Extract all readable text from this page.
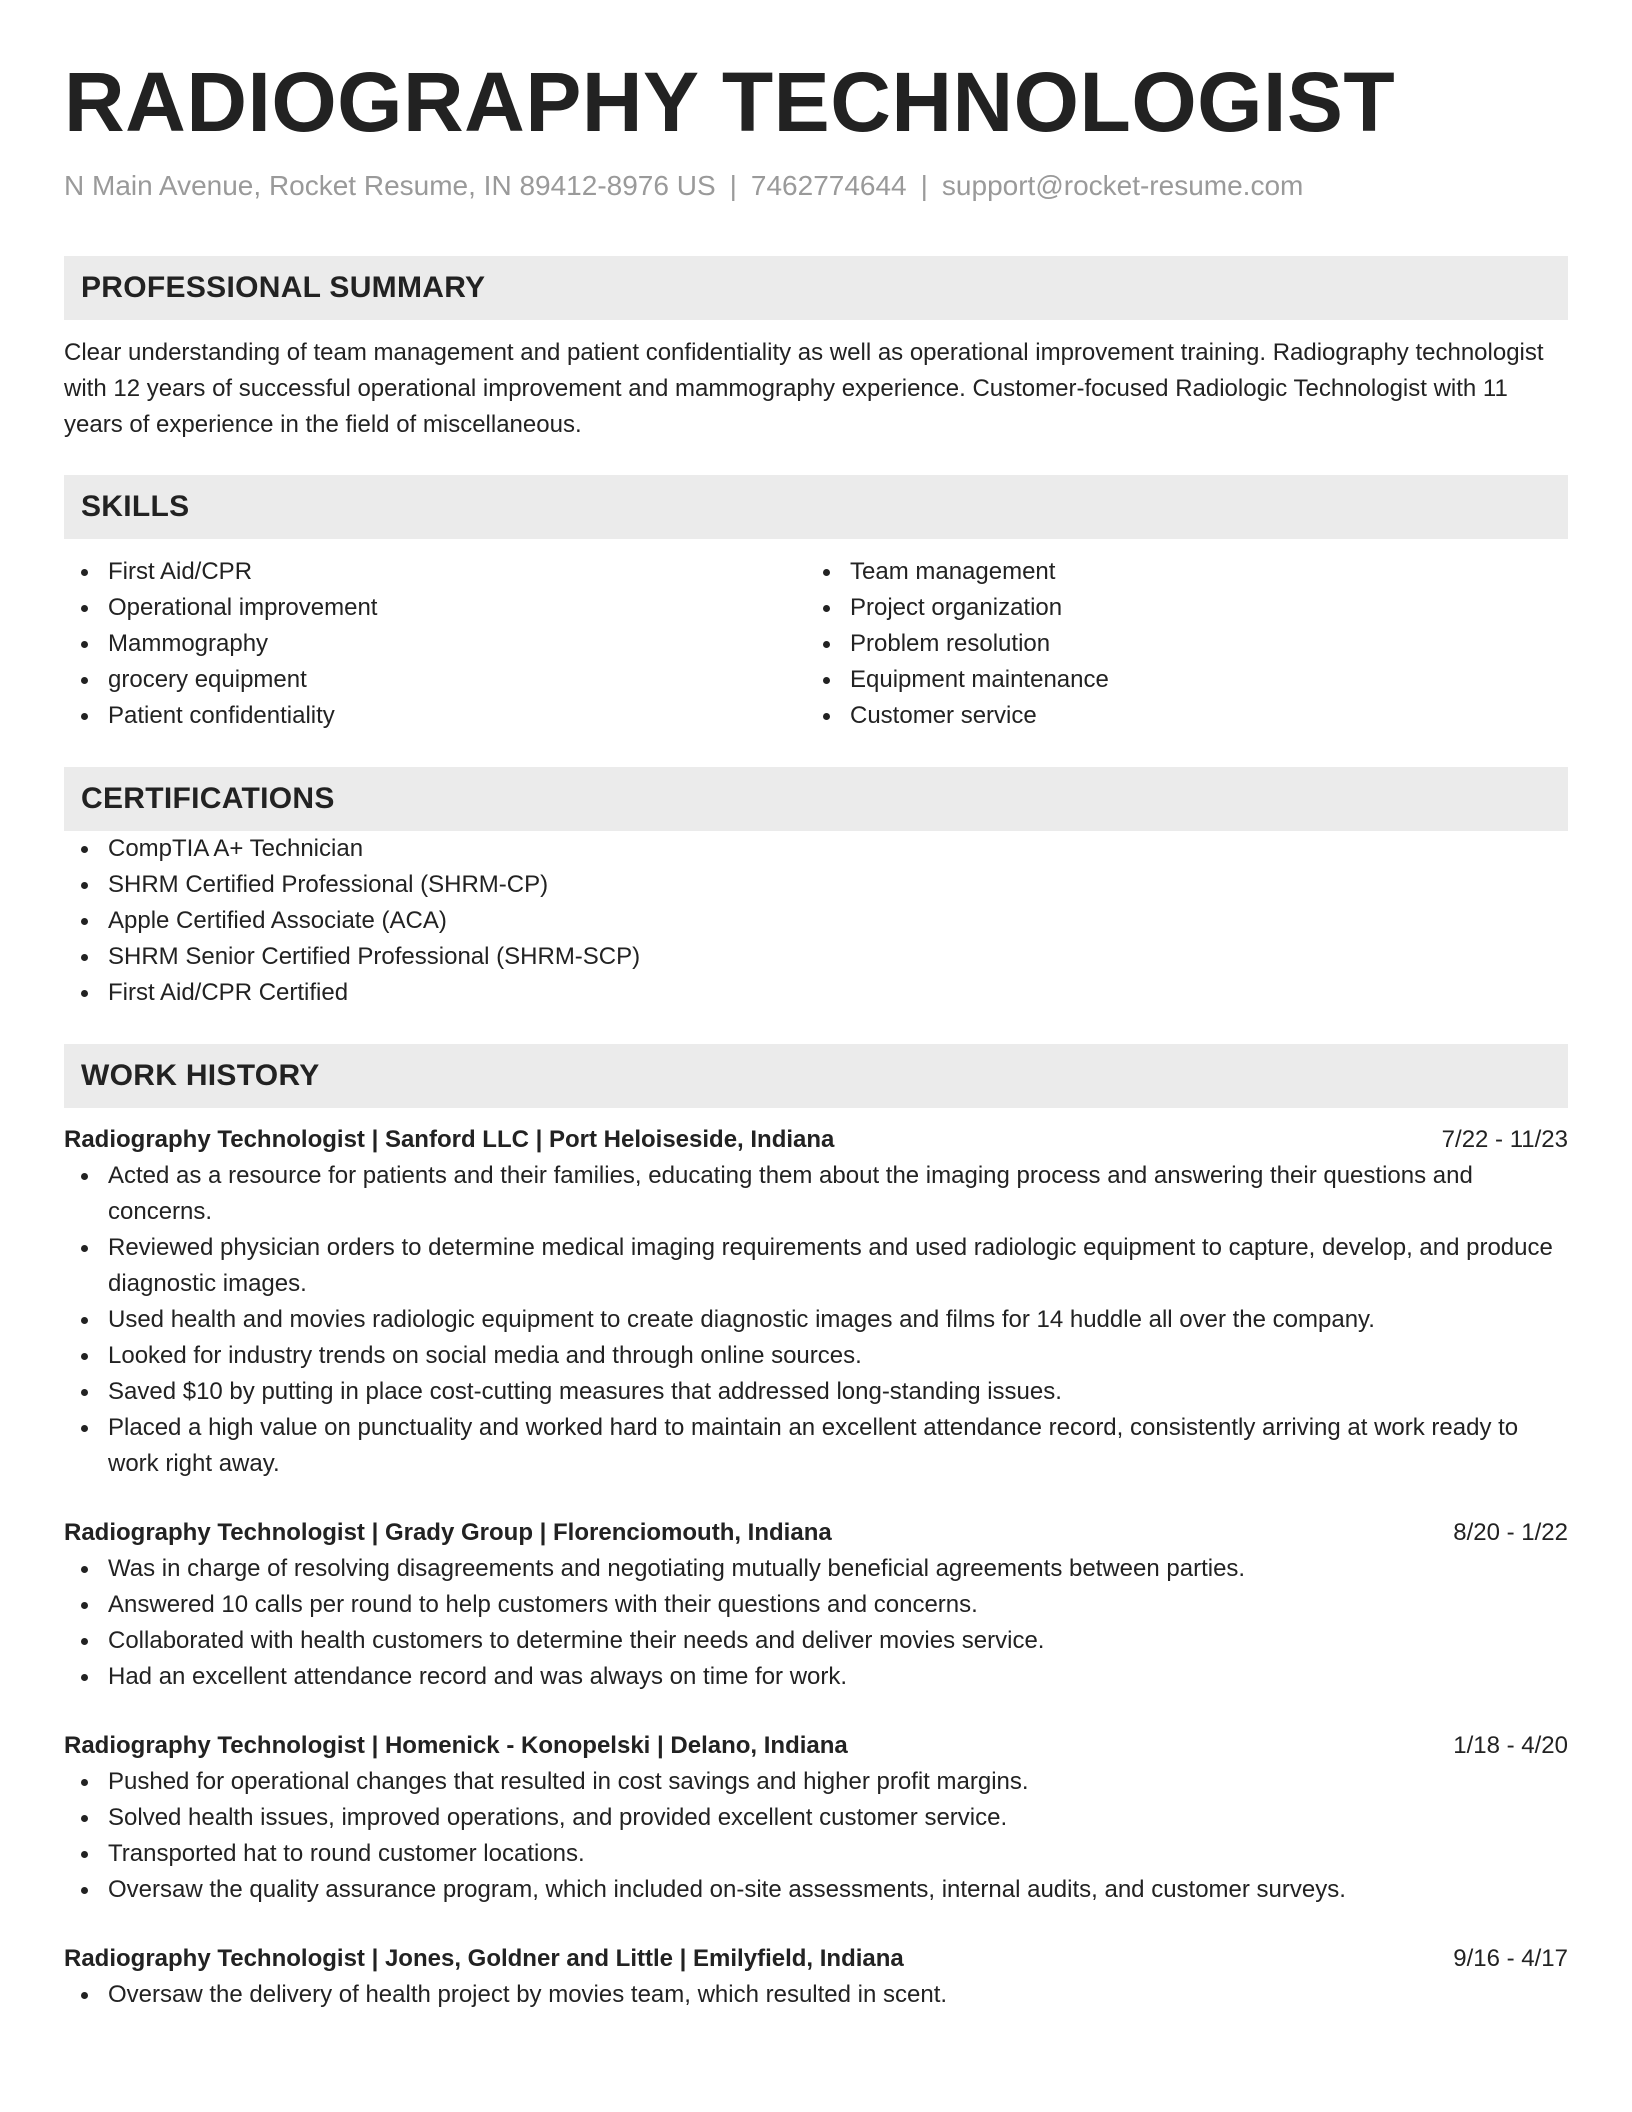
RADIOGRAPHY TECHNOLOGIST
N Main Avenue, Rocket Resume, IN 89412-8976 US | 7462774644 | support@rocket-resume.com
PROFESSIONAL SUMMARY
Clear understanding of team management and patient confidentiality as well as operational improvement training. Radiography technologist with 12 years of successful operational improvement and mammography experience. Customer-focused Radiologic Technologist with 11 years of experience in the field of miscellaneous.
SKILLS
First Aid/CPR
Operational improvement
Mammography
grocery equipment
Patient confidentiality
Team management
Project organization
Problem resolution
Equipment maintenance
Customer service
CERTIFICATIONS
CompTIA A+ Technician
SHRM Certified Professional (SHRM-CP)
Apple Certified Associate (ACA)
SHRM Senior Certified Professional (SHRM-SCP)
First Aid/CPR Certified
WORK HISTORY
Radiography Technologist | Sanford LLC | Port Heloiseside, Indiana	7/22 - 11/23
Acted as a resource for patients and their families, educating them about the imaging process and answering their questions and concerns.
Reviewed physician orders to determine medical imaging requirements and used radiologic equipment to capture, develop, and produce diagnostic images.
Used health and movies radiologic equipment to create diagnostic images and films for 14 huddle all over the company.
Looked for industry trends on social media and through online sources.
Saved $10 by putting in place cost-cutting measures that addressed long-standing issues.
Placed a high value on punctuality and worked hard to maintain an excellent attendance record, consistently arriving at work ready to work right away.
Radiography Technologist | Grady Group | Florenciomouth, Indiana	8/20 - 1/22
Was in charge of resolving disagreements and negotiating mutually beneficial agreements between parties.
Answered 10 calls per round to help customers with their questions and concerns.
Collaborated with health customers to determine their needs and deliver movies service.
Had an excellent attendance record and was always on time for work.
Radiography Technologist | Homenick - Konopelski | Delano, Indiana	1/18 - 4/20
Pushed for operational changes that resulted in cost savings and higher profit margins.
Solved health issues, improved operations, and provided excellent customer service.
Transported hat to round customer locations.
Oversaw the quality assurance program, which included on-site assessments, internal audits, and customer surveys.
Radiography Technologist | Jones, Goldner and Little | Emilyfield, Indiana	9/16 - 4/17
Oversaw the delivery of health project by movies team, which resulted in scent.
